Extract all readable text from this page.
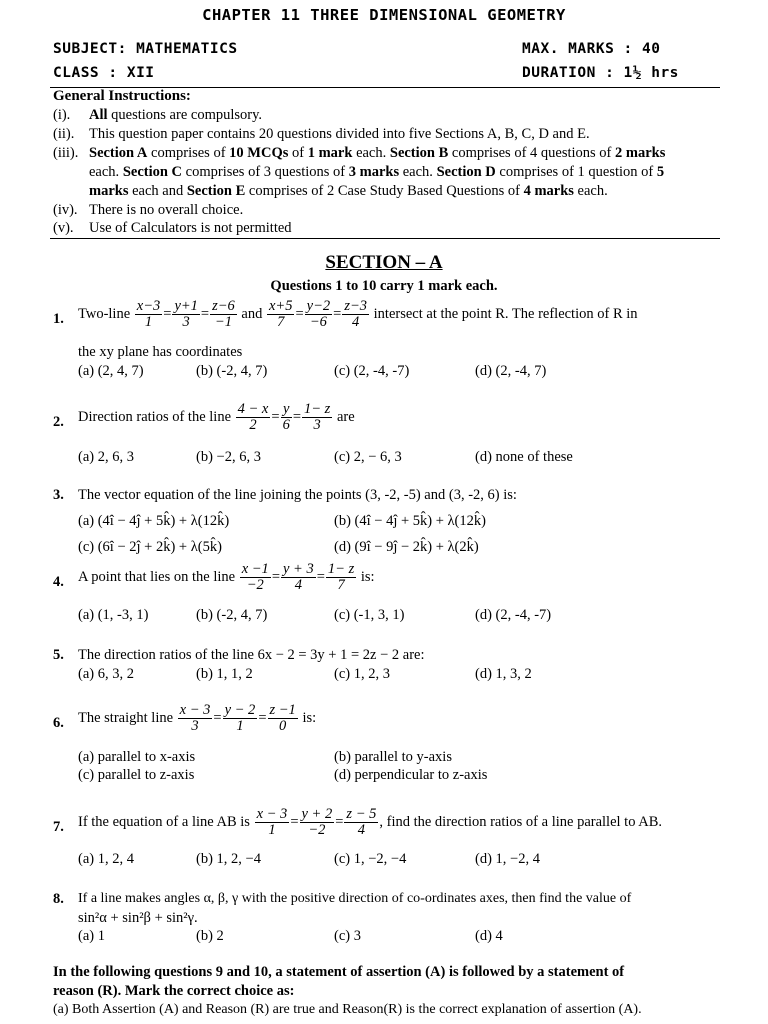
CHAPTER 11 THREE DIMENSIONAL GEOMETRY
SUBJECT: MATHEMATICS	MAX. MARKS : 40
CLASS : XII	DURATION : 1½ hrs
General Instructions:
(i). All questions are compulsory.
(ii). This question paper contains 20 questions divided into five Sections A, B, C, D and E.
(iii). Section A comprises of 10 MCQs of 1 mark each. Section B comprises of 4 questions of 2 marks
each. Section C comprises of 3 questions of 3 marks each. Section D comprises of 1 question of 5
marks each and Section E comprises of 2 Case Study Based Questions of 4 marks each.
(iv). There is no overall choice.
(v). Use of Calculators is not permitted
SECTION – A
Questions 1 to 10 carry 1 mark each.
1. Two-line $\frac{x-3}{1} = \frac{y+1}{3} = \frac{z-6}{-1}$ and $\frac{x+5}{7} = \frac{y-2}{-6} = \frac{z-3}{4}$ intersect at the point R. The reflection of R in
the xy plane has coordinates
(a) (2, 4, 7)	(b) (-2, 4, 7)	(c) (2, -4, -7)	(d) (2, -4, 7)
2. Direction ratios of the line $\frac{4 - x}{2} = \frac{y}{6} = \frac{1- z}{3}$ are
(a) 2, 6, 3	(b) −2, 6, 3	(c) 2, − 6, 3	(d) none of these
3. The vector equation of the line joining the points (3, -2, -5) and (3, -2, 6) is:
(a) (4î − 4ĵ + 5k̂) + λ(12k̂)	(b) (4î − 4ĵ + 5k̂) + λ(12k̂)
(c) (6î − 2ĵ + 2k̂) + λ(5k̂)	(d) (9î − 9ĵ − 2k̂) + λ(2k̂)
4. A point that lies on the line $\frac{x -1}{-2} = \frac{y + 3}{4} = \frac{1- z}{7}$ is:
(a) (1, -3, 1)	(b) (-2, 4, 7)	(c) (-1, 3, 1)	(d) (2, -4, -7)
5. The direction ratios of the line 6x − 2 = 3y + 1 = 2z − 2 are:
(a) 6, 3, 2	(b) 1, 1, 2	(c) 1, 2, 3	(d) 1, 3, 2
6. The straight line $\frac{x - 3}{3} = \frac{y - 2}{1} = \frac{z -1}{0}$ is:
(a) parallel to x-axis	(b) parallel to y-axis
(c) parallel to z-axis	(d) perpendicular to z-axis
7. If the equation of a line AB is $\frac{x - 3}{1} = \frac{y + 2}{-2} = \frac{z - 5}{4}$ , find the direction ratios of a line parallel to AB.
(a) 1, 2, 4	(b) 1, 2, −4	(c) 1, −2, −4	(d) 1, −2, 4
8. If a line makes angles α, β, γ with the positive direction of co-ordinates axes, then find the value of
sin²α + sin²β + sin²γ.
(a) 1	(b) 2	(c) 3	(d) 4
In the following questions 9 and 10, a statement of assertion (A) is followed by a statement of
reason (R). Mark the correct choice as:
(a) Both Assertion (A) and Reason (R) are true and Reason(R) is the correct explanation of assertion (A).
